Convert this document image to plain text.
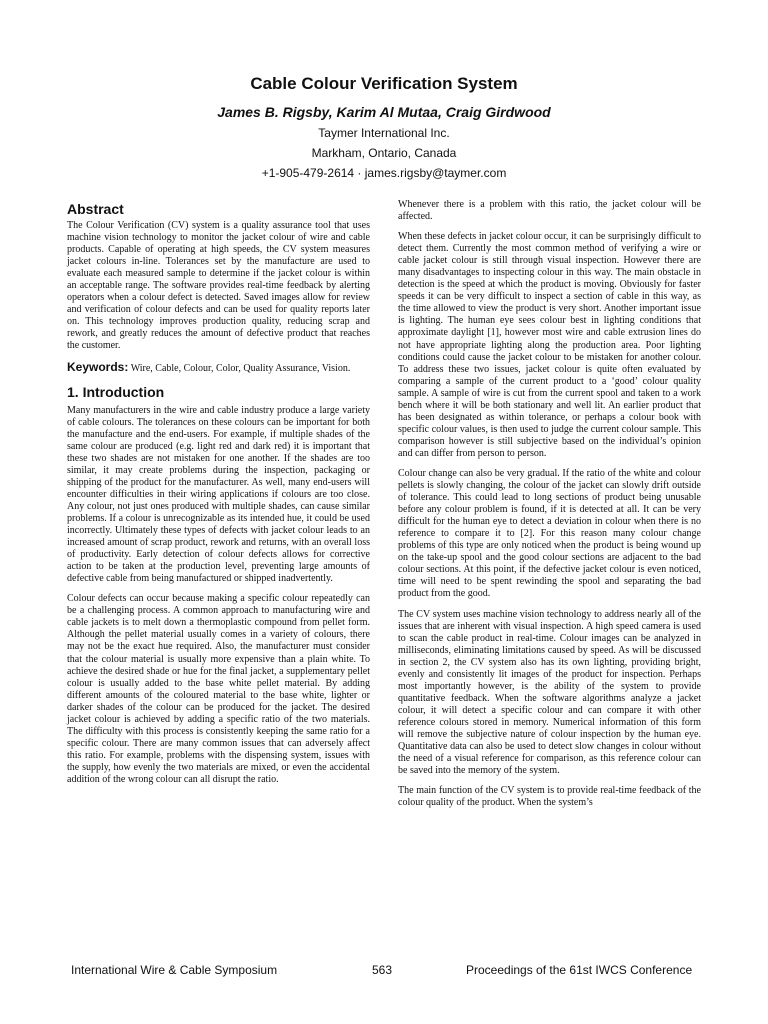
Cable Colour Verification System
James B. Rigsby, Karim Al Mutaa, Craig Girdwood
Taymer International Inc.
Markham, Ontario, Canada
+1-905-479-2614 · james.rigsby@taymer.com
Abstract

The Colour Verification (CV) system is a quality assurance tool that uses machine vision technology to monitor the jacket colour of wire and cable products. Capable of operating at high speeds, the CV system measures jacket colours in-line. Tolerances set by the manufacture are used to evaluate each measured sample to determine if the jacket colour is within an acceptable range. The software provides real-time feedback by alerting operators when a colour defect is detected. Saved images allow for review and verification of colour defects and can be used for quality reports later on. This technology improves production quality, reducing scrap and rework, and greatly reduces the amount of defective product that reaches the customer.

Keywords: Wire, Cable, Colour, Color, Quality Assurance, Vision.

1. Introduction

Many manufacturers in the wire and cable industry produce a large variety of cable colours. The tolerances on these colours can be important for both the manufacture and the end-users. For example, if multiple shades of the same colour are produced (e.g. light red and dark red) it is important that these two shades are not mistaken for one another. If the shades are too similar, it may create problems during the inspection, packaging or shipping of the product for the manufacturer. As well, many end-users will encounter difficulties in their wiring applications if colours are too close. Any colour, not just ones produced with multiple shades, can cause similar problems. If a colour is unrecognizable as its intended hue, it could be used incorrectly. Ultimately these types of defects with jacket colour leads to an increased amount of scrap product, rework and returns, with an overall loss of productivity. Early detection of colour defects allows for corrective action to be taken at the production level, preventing large amounts of defective cable from being manufactured or shipped inadvertently.

Colour defects can occur because making a specific colour repeatedly can be a challenging process. A common approach to manufacturing wire and cable jackets is to melt down a thermoplastic compound from pellet form. Although the pellet material usually comes in a variety of colours, there may not be the exact hue required. Also, the manufacturer must consider that the colour material is usually more expensive than a plain white. To achieve the desired shade or hue for the final jacket, a supplementary pellet colour is usually added to the base white pellet material. By adding different amounts of the coloured material to the base white, lighter or darker shades of the colour can be produced for the jacket. The desired jacket colour is achieved by adding a specific ratio of the two materials. The difficulty with this process is consistently keeping the same ratio for a specific colour. There are many common issues that can adversely affect this ratio. For example, problems with the dispensing system, issues with the supply, how evenly the two materials are mixed, or even the accidental addition of the wrong colour can all disrupt the ratio.

Whenever there is a problem with this ratio, the jacket colour will be affected.

When these defects in jacket colour occur, it can be surprisingly difficult to detect them. Currently the most common method of verifying a wire or cable jacket colour is still through visual inspection. However there are many disadvantages to inspecting colour in this way. The main obstacle in detection is the speed at which the product is moving. Obviously for faster speeds it can be very difficult to inspect a section of cable in this way, as the time allowed to view the product is very short. Another important issue is lighting. The human eye sees colour best in lighting conditions that approximate daylight [1], however most wire and cable extrusion lines do not have appropriate lighting along the production area. Poor lighting conditions could cause the jacket colour to be mistaken for another colour. To address these two issues, jacket colour is quite often evaluated by comparing a sample of the current product to a ‘good’ colour quality sample. A sample of wire is cut from the current spool and taken to a work bench where it will be both stationary and well lit. An earlier product that has been designated as within tolerance, or perhaps a colour book with specific colour values, is then used to judge the current colour sample. This comparison however is still subjective based on the individual’s opinion and can differ from person to person.

Colour change can also be very gradual. If the ratio of the white and colour pellets is slowly changing, the colour of the jacket can slowly drift outside of tolerance. This could lead to long sections of product being unusable before any colour problem is found, if it is detected at all. It can be very difficult for the human eye to detect a deviation in colour when there is no reference to compare it to [2]. For this reason many colour change problems of this type are only noticed when the product is being wound up on the take-up spool and the good colour sections are adjacent to the bad colour sections. At this point, if the defective jacket colour is even noticed, time will need to be spent rewinding the spool and separating the bad product from the good.

The CV system uses machine vision technology to address nearly all of the issues that are inherent with visual inspection. A high speed camera is used to scan the cable product in real-time. Colour images can be analyzed in milliseconds, eliminating limitations caused by speed. As will be discussed in section 2, the CV system also has its own lighting, providing bright, evenly and consistently lit images of the product for inspection. Perhaps most importantly however, is the ability of the system to provide quantitative feedback. When the software algorithms analyze a jacket colour, it will detect a specific colour and can compare it with other reference colours stored in memory. Numerical information of this form will remove the subjective nature of colour inspection by the human eye. Quantitative data can also be used to detect slow changes in colour without the need of a visual reference for comparison, as this reference colour can be saved into the memory of the system.

The main function of the CV system is to provide real-time feedback of the colour quality of the product. When the system’s

International Wire & Cable Symposium	563	Proceedings of the 61st IWCS Conference
